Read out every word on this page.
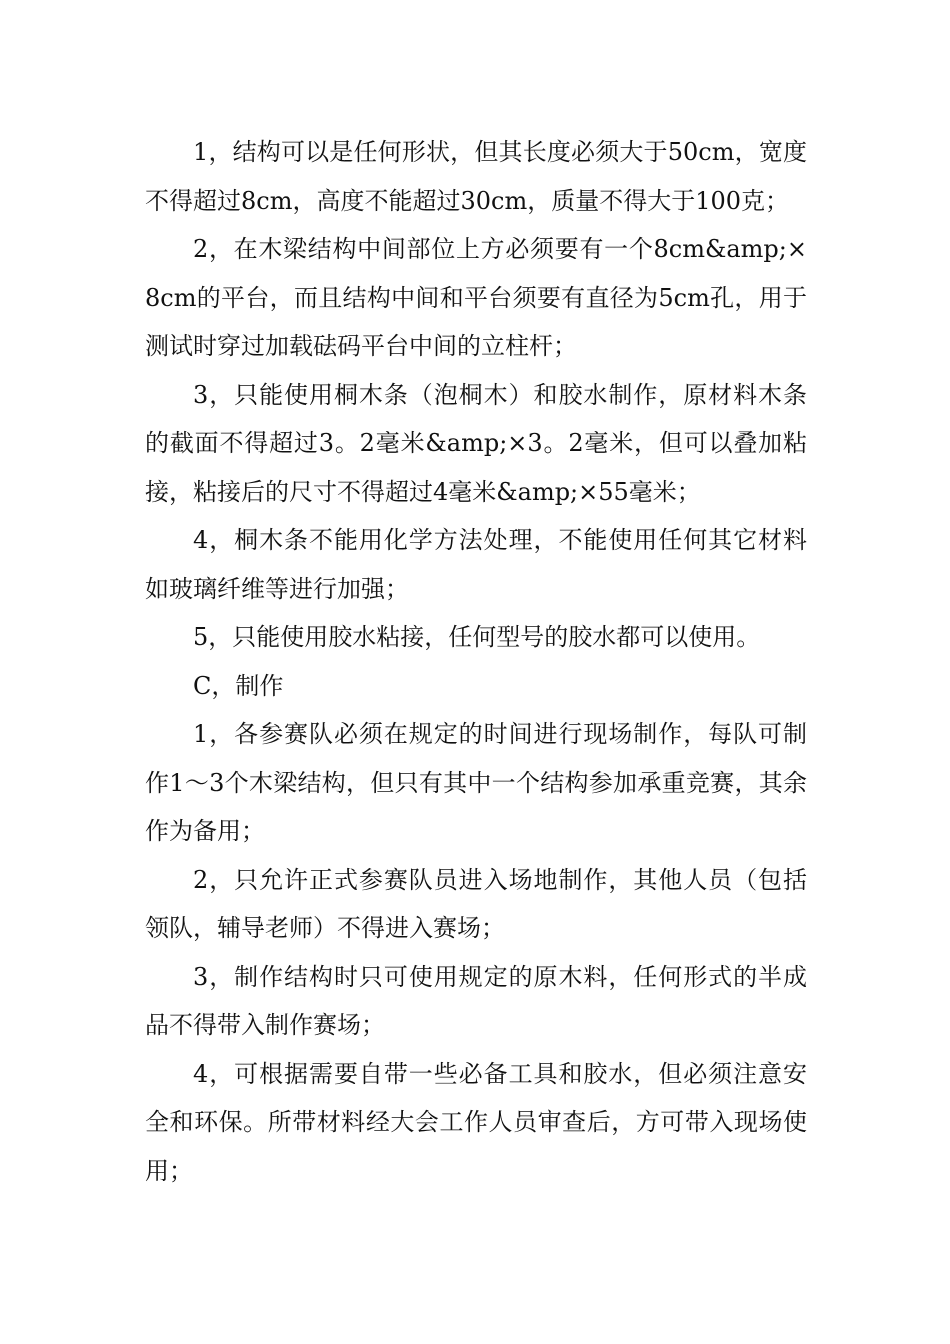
1，结构可以是任何形状，但其长度必须大于50cm，宽度不得超过8cm，高度不能超过30cm，质量不得大于100克；

2，在木梁结构中间部位上方必须要有一个8cm&amp;×8cm的平台，而且结构中间和平台须要有直径为5cm孔，用于测试时穿过加载砝码平台中间的立柱杆；

3，只能使用桐木条（泡桐木）和胶水制作，原材料木条的截面不得超过3。2毫米&amp;×3。2毫米，但可以叠加粘接，粘接后的尺寸不得超过4毫米&amp;×55毫米；

4，桐木条不能用化学方法处理，不能使用任何其它材料如玻璃纤维等进行加强；

5，只能使用胶水粘接，任何型号的胶水都可以使用。

C，制作

1，各参赛队必须在规定的时间进行现场制作，每队可制作1～3个木梁结构，但只有其中一个结构参加承重竞赛，其余作为备用；

2，只允许正式参赛队员进入场地制作，其他人员（包括领队，辅导老师）不得进入赛场；

3，制作结构时只可使用规定的原木料，任何形式的半成品不得带入制作赛场；

4，可根据需要自带一些必备工具和胶水，但必须注意安全和环保。所带材料经大会工作人员审查后，方可带入现场使用；
